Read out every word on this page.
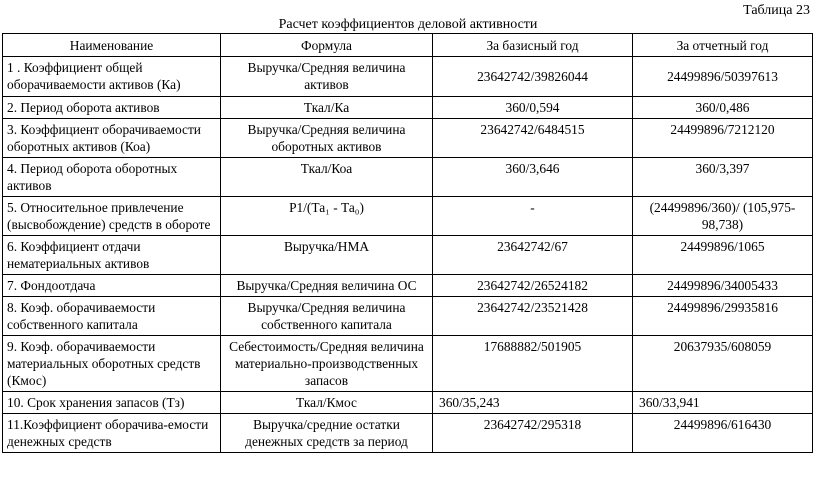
Таблица 23
Расчет коэффициентов деловой активности
Наименование	Формула	За базисный год	За отчетный год
1 . Коэффициент общей оборачиваемости активов (Ка)	Выручка/Средняя величина активов	23642742/39826044	24499896/50397613
2. Период оборота активов	Ткал/Ка	360/0,594	360/0,486
3. Коэффициент оборачиваемости оборотных активов (Коа)	Выручка/Средняя величина оборотных активов	23642742/6484515	24499896/7212120
4. Период оборота оборотных активов	Ткал/Коа	360/3,646	360/3,397
5. Относительное привлечение (высвобождение) средств в обороте	Р1/(Та₁ - Та₀)	-	(24499896/360)/ (105,975-98,738)
6. Коэффициент отдачи нематериальных активов	Выручка/НМА	23642742/67	24499896/1065
7. Фондоотдача	Выручка/Средняя величина ОС	23642742/26524182	24499896/34005433
8. Коэф. оборачиваемости собственного капитала	Выручка/Средняя величина собственного капитала	23642742/23521428	24499896/29935816
9. Коэф. оборачиваемости материальных оборотных средств (Кмос)	Себестоимость/Средняя величина материально-производственных запасов	17688882/501905	20637935/608059
10. Срок хранения запасов (Тз)	Ткал/Кмос	360/35,243	360/33,941
11.Коэффициент оборачива-емости денежных средств	Выручка/средние остатки денежных средств за период	23642742/295318	24499896/616430
